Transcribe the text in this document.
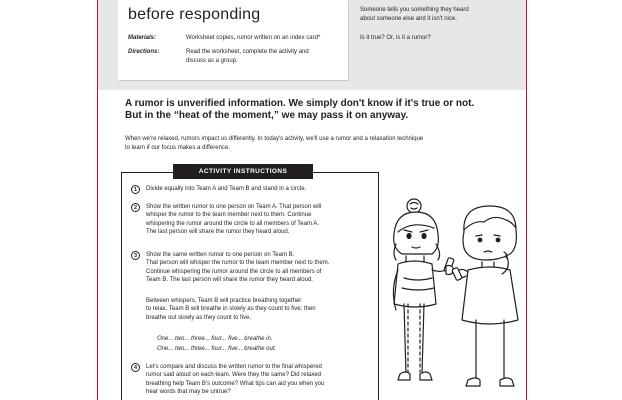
before responding
Materials:	Worksheet copies, rumor written on an index card*
Directions:	Read the worksheet, complete the activity and
discuss as a group.
Someone tells you something they heard
about someone else and it isn't nice.
Is it true? Or, is it a rumor?
A rumor is unverified information. We simply don't know if it's true or not.
But in the “heat of the moment,” we may pass it on anyway.
When we're relaxed, rumors impact us differently. In today's activity, we'll use a rumor and a relaxation technique
to learn if our focus makes a difference.
ACTIVITY INSTRUCTIONS
1	Divide equally into Team A and Team B and stand in a circle.
2	Show the written rumor to one person on Team A. That person will
whisper the rumor to the team member next to them. Continue
whispering the rumor around the circle to all members of Team A.
The last person will share the rumor they heard aloud.
3	Show the same written rumor to one person on Team B.
That person will whisper the rumor to the team member next to them.
Continue whispering the rumor around the circle to all members of
Team B. The last person will share the rumor they heard aloud.
Between whispers, Team B will practice breathing together
to relax. Team B will breathe in slowly as they count to five; then
breathe out slowly as they count to five.
One... two... three... four... five... breathe in.
One... two... three... four... five... breathe out.
4	Let's compare and discuss the written rumor to the final whispered
rumor said aloud on each team. Were they the same? Did relaxed
breathing help Team B's outcome? What tips can aid you when you
hear words that may be untrue?
